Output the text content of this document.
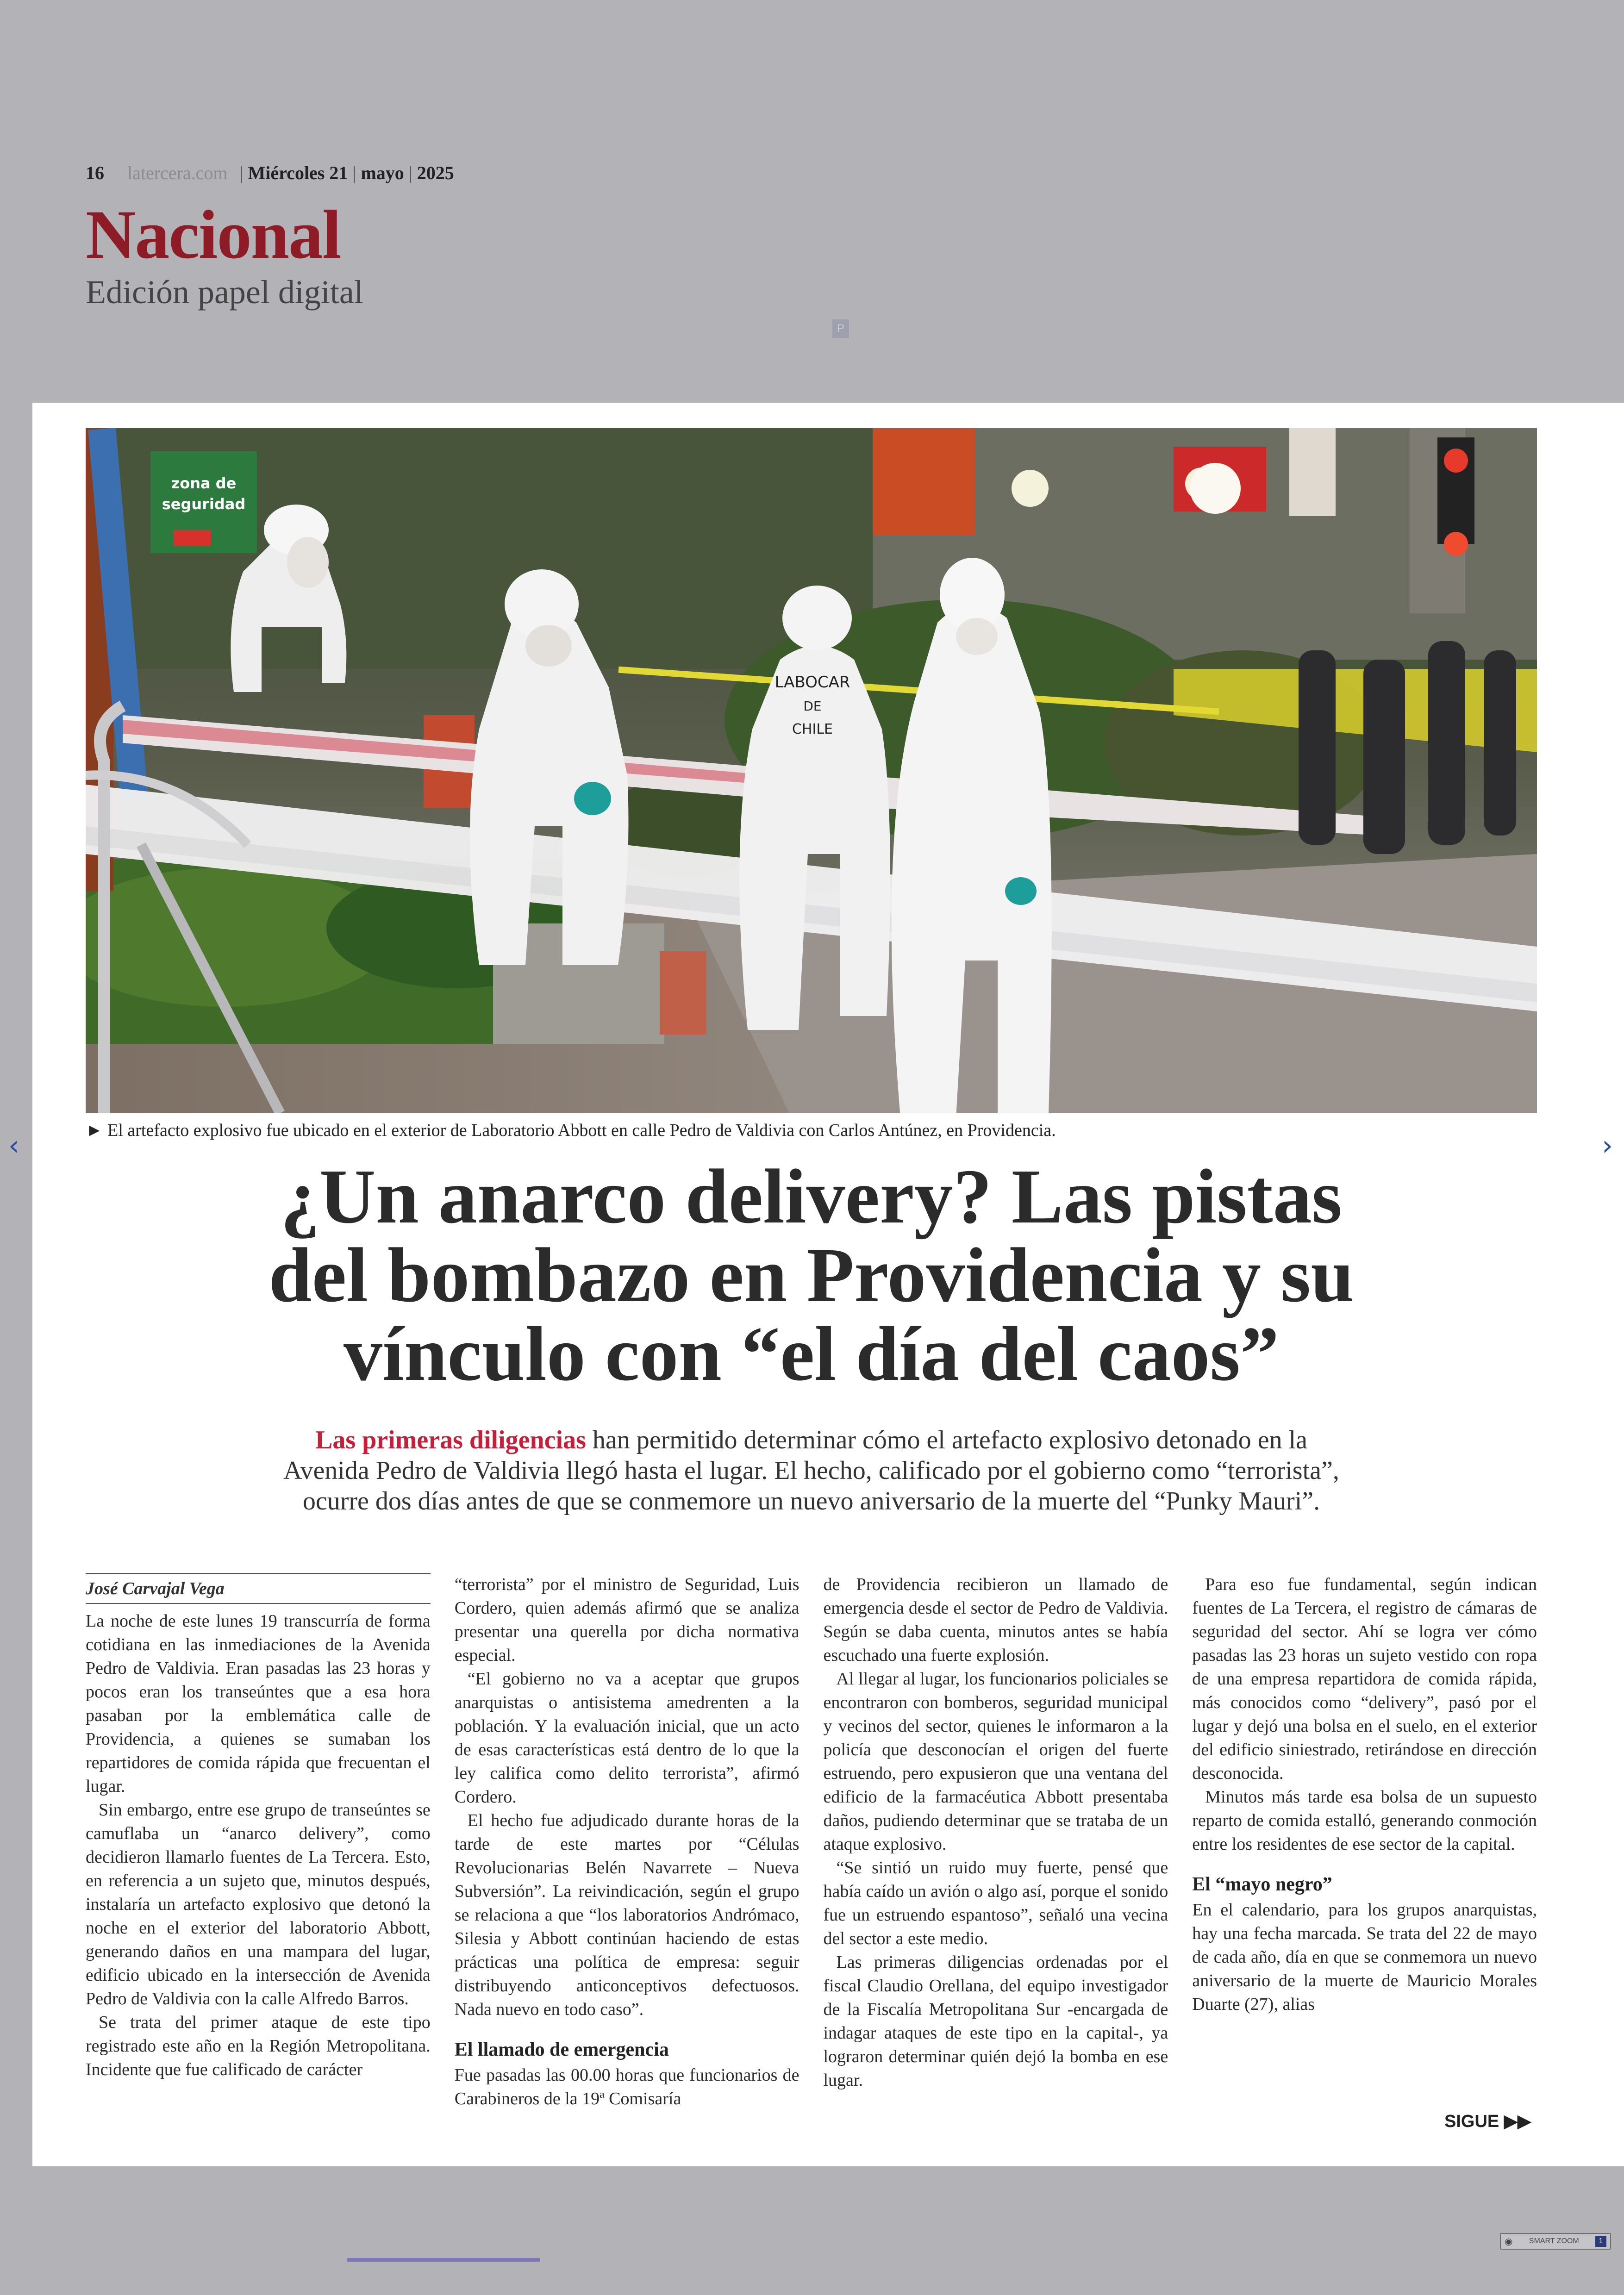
16 latercera.com | Miércoles 21 | mayo | 2025
Nacional
Edición papel digital
P
zona de
seguridad
LABOCAR
DE
CHILE
► El artefacto explosivo fue ubicado en el exterior de Laboratorio Abbott en calle Pedro de Valdivia con Carlos Antúnez, en Providencia.
¿Un anarco delivery? Las pistas
del bombazo en Providencia y su
vínculo con “el día del caos”
Las primeras diligencias han permitido determinar cómo el artefacto explosivo detonado en la
Avenida Pedro de Valdivia llegó hasta el lugar. El hecho, calificado por el gobierno como “terrorista”,
ocurre dos días antes de que se conmemore un nuevo aniversario de la muerte del “Punky Mauri”.
José Carvajal Vega

La noche de este lunes 19 transcurría de forma cotidiana en las inmediaciones de la Avenida Pedro de Valdivia. Eran pasadas las 23 horas y pocos eran los transeúntes que a esa hora pasaban por la emblemática calle de Providencia, a quienes se sumaban los repartidores de comida rápida que frecuentan el lugar.

Sin embargo, entre ese grupo de transeúntes se camuflaba un “anarco delivery”, como decidieron llamarlo fuentes de La Tercera. Esto, en referencia a un sujeto que, minutos después, instalaría un artefacto explosivo que detonó la noche en el exterior del laboratorio Abbott, generando daños en una mampara del lugar, edificio ubicado en la intersección de Avenida Pedro de Valdivia con la calle Alfredo Barros.

Se trata del primer ataque de este tipo registrado este año en la Región Metropolitana. Incidente que fue calificado de carácter

“terrorista” por el ministro de Seguridad, Luis Cordero, quien además afirmó que se analiza presentar una querella por dicha normativa especial.

“El gobierno no va a aceptar que grupos anarquistas o antisistema amedrenten a la población. Y la evaluación inicial, que un acto de esas características está dentro de lo que la ley califica como delito terrorista”, afirmó Cordero.

El hecho fue adjudicado durante horas de la tarde de este martes por “Células Revolucionarias Belén Navarrete – Nueva Subversión”. La reivindicación, según el grupo se relaciona a que “los laboratorios Andrómaco, Silesia y Abbott continúan haciendo de estas prácticas una política de empresa: seguir distribuyendo anticonceptivos defectuosos. Nada nuevo en todo caso”.

El llamado de emergencia

Fue pasadas las 00.00 horas que funcionarios de Carabineros de la 19ª Comisaría

de Providencia recibieron un llamado de emergencia desde el sector de Pedro de Valdivia. Según se daba cuenta, minutos antes se había escuchado una fuerte explosión.

Al llegar al lugar, los funcionarios policiales se encontraron con bomberos, seguridad municipal y vecinos del sector, quienes le informaron a la policía que desconocían el origen del fuerte estruendo, pero expusieron que una ventana del edificio de la farmacéutica Abbott presentaba daños, pudiendo determinar que se trataba de un ataque explosivo.

“Se sintió un ruido muy fuerte, pensé que había caído un avión o algo así, porque el sonido fue un estruendo espantoso”, señaló una vecina del sector a este medio.

Las primeras diligencias ordenadas por el fiscal Claudio Orellana, del equipo investigador de la Fiscalía Metropolitana Sur -encargada de indagar ataques de este tipo en la capital-, ya lograron determinar quién dejó la bomba en ese lugar.

Para eso fue fundamental, según indican fuentes de La Tercera, el registro de cámaras de seguridad del sector. Ahí se logra ver cómo pasadas las 23 horas un sujeto vestido con ropa de una empresa repartidora de comida rápida, más conocidos como “delivery”, pasó por el lugar y dejó una bolsa en el suelo, en el exterior del edificio siniestrado, retirándose en dirección desconocida.

Minutos más tarde esa bolsa de un supuesto reparto de comida estalló, generando conmoción entre los residentes de ese sector de la capital.

El “mayo negro”

En el calendario, para los grupos anarquistas, hay una fecha marcada. Se trata del 22 de mayo de cada año, día en que se conmemora un nuevo aniversario de la muerte de Mauricio Morales Duarte (27), alias

SIGUE ▶▶
‹	›
◉ SMART ZOOM	1
